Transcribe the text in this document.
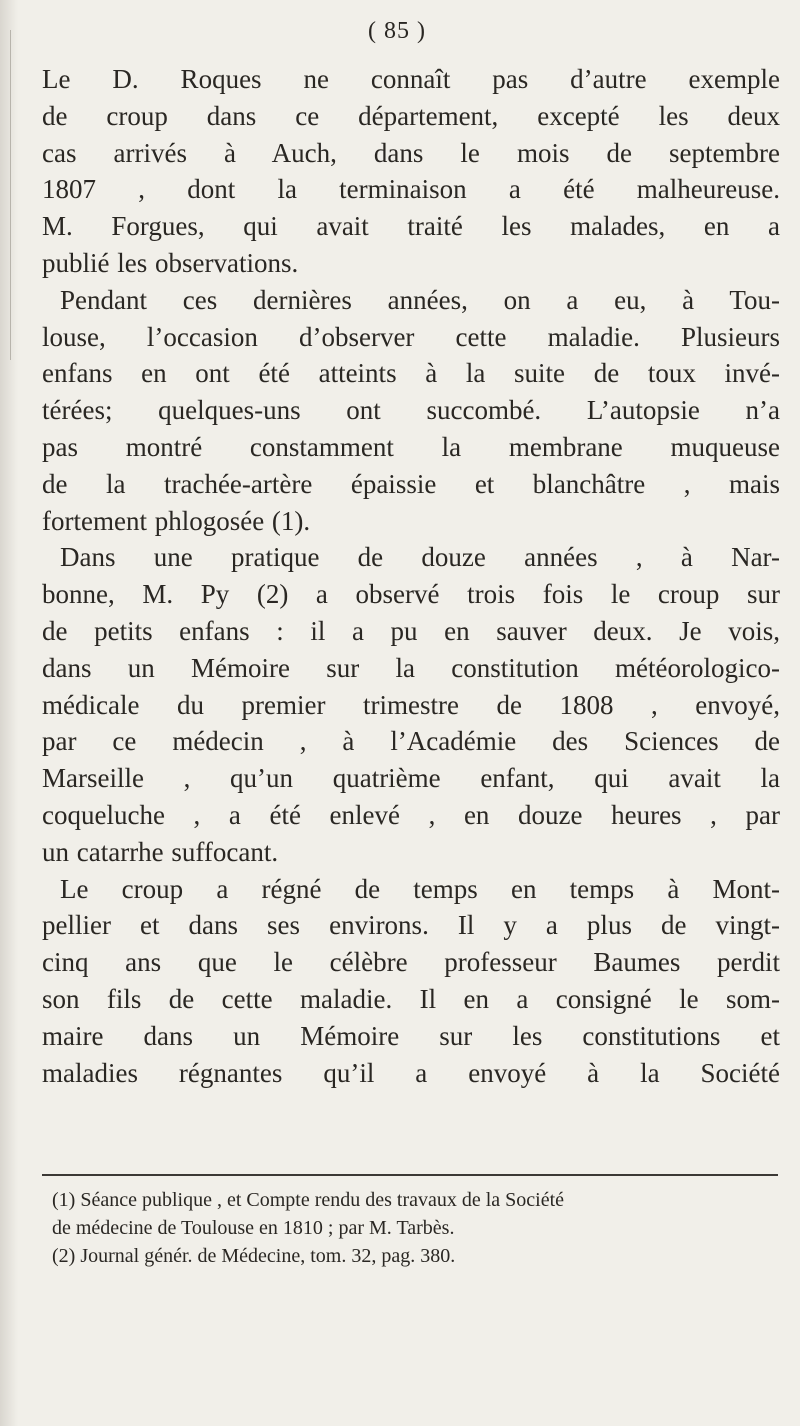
( 85 )
Le D. Roques ne connaît pas d’autre exemple
de croup dans ce département, excepté les deux
cas arrivés à Auch, dans le mois de septembre
1807 , dont la terminaison a été malheureuse.
M. Forgues, qui avait traité les malades, en a
publié les observations.
Pendant ces dernières années, on a eu, à Tou-
louse, l’occasion d’observer cette maladie. Plusieurs
enfans en ont été atteints à la suite de toux invé-
térées; quelques-uns ont succombé. L’autopsie n’a
pas montré constamment la membrane muqueuse
de la trachée-artère épaissie et blanchâtre , mais
fortement phlogosée (1).
Dans une pratique de douze années , à Nar-
bonne, M. Py (2) a observé trois fois le croup sur
de petits enfans : il a pu en sauver deux. Je vois,
dans un Mémoire sur la constitution météorologico-
médicale du premier trimestre de 1808 , envoyé,
par ce médecin , à l’Académie des Sciences de
Marseille , qu’un quatrième enfant, qui avait la
coqueluche , a été enlevé , en douze heures , par
un catarrhe suffocant.
Le croup a régné de temps en temps à Mont-
pellier et dans ses environs. Il y a plus de vingt-
cinq ans que le célèbre professeur Baumes perdit
son fils de cette maladie. Il en a consigné le som-
maire dans un Mémoire sur les constitutions et
maladies régnantes qu’il a envoyé à la Société
(1) Séance publique , et Compte rendu des travaux de la Société
de médecine de Toulouse en 1810 ; par M. Tarbès.
(2) Journal génér. de Médecine, tom. 32, pag. 380.
